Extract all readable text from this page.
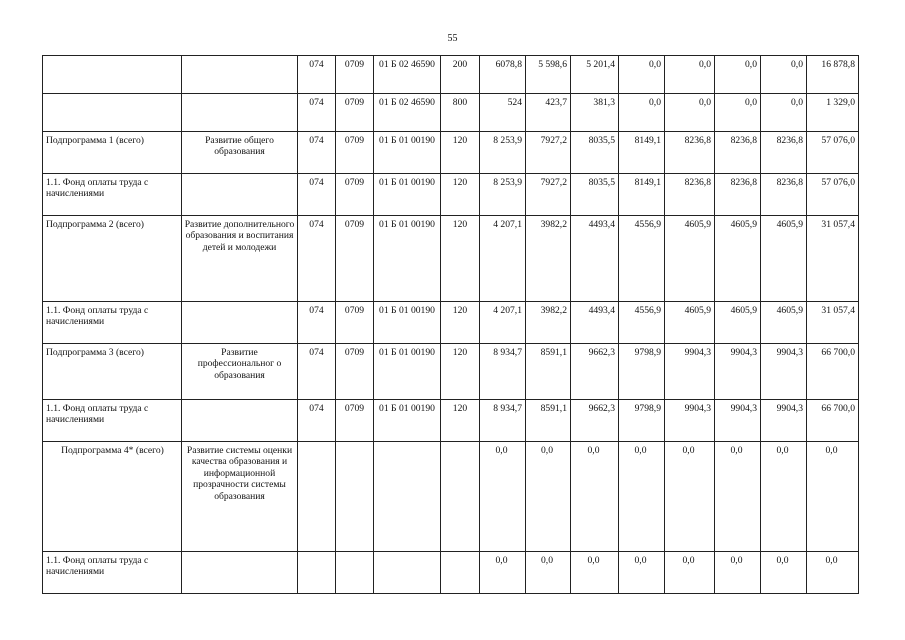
55
		074	0709	01 Б 02 46590	200	6078,8	5 598,6	5 201,4	0,0	0,0	0,0	0,0	16 878,8
		074	0709	01 Б 02 46590	800	524	423,7	381,3	0,0	0,0	0,0	0,0	1 329,0
Подпрограмма 1 (всего)	Развитие общего образования	074	0709	01 Б 01 00190	120	8 253,9	7927,2	8035,5	8149,1	8236,8	8236,8	8236,8	57 076,0
1.1. Фонд оплаты труда с начислениями		074	0709	01 Б 01 00190	120	8 253,9	7927,2	8035,5	8149,1	8236,8	8236,8	8236,8	57 076,0
Подпрограмма 2 (всего)	Развитие дополнительного образования и воспитания детей и молодежи	074	0709	01 Б 01 00190	120	4 207,1	3982,2	4493,4	4556,9	4605,9	4605,9	4605,9	31 057,4
1.1. Фонд оплаты труда с начислениями		074	0709	01 Б 01 00190	120	4 207,1	3982,2	4493,4	4556,9	4605,9	4605,9	4605,9	31 057,4
Подпрограмма 3 (всего)	Развитие профессиональног о образования	074	0709	01 Б 01 00190	120	8 934,7	8591,1	9662,3	9798,9	9904,3	9904,3	9904,3	66 700,0
1.1. Фонд оплаты труда с начислениями		074	0709	01 Б 01 00190	120	8 934,7	8591,1	9662,3	9798,9	9904,3	9904,3	9904,3	66 700,0
Подпрограмма 4* (всего)	Развитие системы оценки качества образования и информационной прозрачности системы образования					0,0	0,0	0,0	0,0	0,0	0,0	0,0	0,0
1.1. Фонд оплаты труда с начислениями						0,0	0,0	0,0	0,0	0,0	0,0	0,0	0,0
